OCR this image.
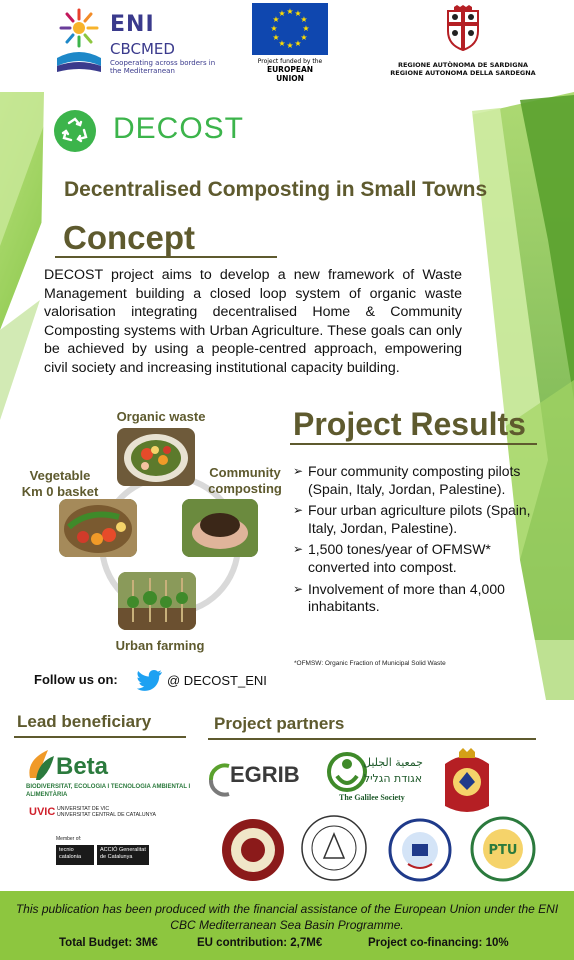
ENI
CBCMED
Cooperating across borders in the Mediterranean
★ ★
★
★
★
★
★
★
★
★
★
★
Project funded by the
EUROPEAN UNION
REGIONE AUTÒNOMA DE SARDIGNA
REGIONE AUTONOMA DELLA SARDEGNA
DECOST
Decentralised Composting in Small Towns
Concept
DECOST project aims to develop a new framework of Waste Management building a closed loop system of organic waste valorisation integrating decentralised Home & Community Composting systems with Urban Agriculture. These goals can only be achieved by using a people-centred approach, empowering civil society and increasing institutional capacity building.
Organic waste
Community
composting
Vegetable
Km 0 basket
Urban farming
Project Results
➢ Four community composting pilots (Spain, Italy, Jordan, Palestine).
➢ Four urban agriculture pilots (Spain, Italy, Jordan, Palestine).
➢ 1,500 tones/year of OFMSW* converted into compost.
➢ Involvement of more than 4,000 inhabitants.
*OFMSW: Organic Fraction of Municipal Solid Waste
Follow us on:	@ DECOST_ENI
Lead beneficiary
Beta
BIODIVERSITAT, ECOLOGIA I TECNOLOGIA AMBIENTAL I ALIMENTÀRIA
UVIC UNIVERSITAT DE VIC
UNIVERSITAT CENTRAL DE CATALUNYA
Member of:
tecnio catalonia
ACCIÓ Generalitat de Catalunya
Project partners
EGRIB	جمعية الجليل
אגודת הגליל
The Galilee Society
PTU
This publication has been produced with the financial assistance of the European Union under the ENI CBC Mediterranean Sea Basin Programme.
Total Budget: 3M€	EU contribution: 2,7M€	Project co-financing: 10%
